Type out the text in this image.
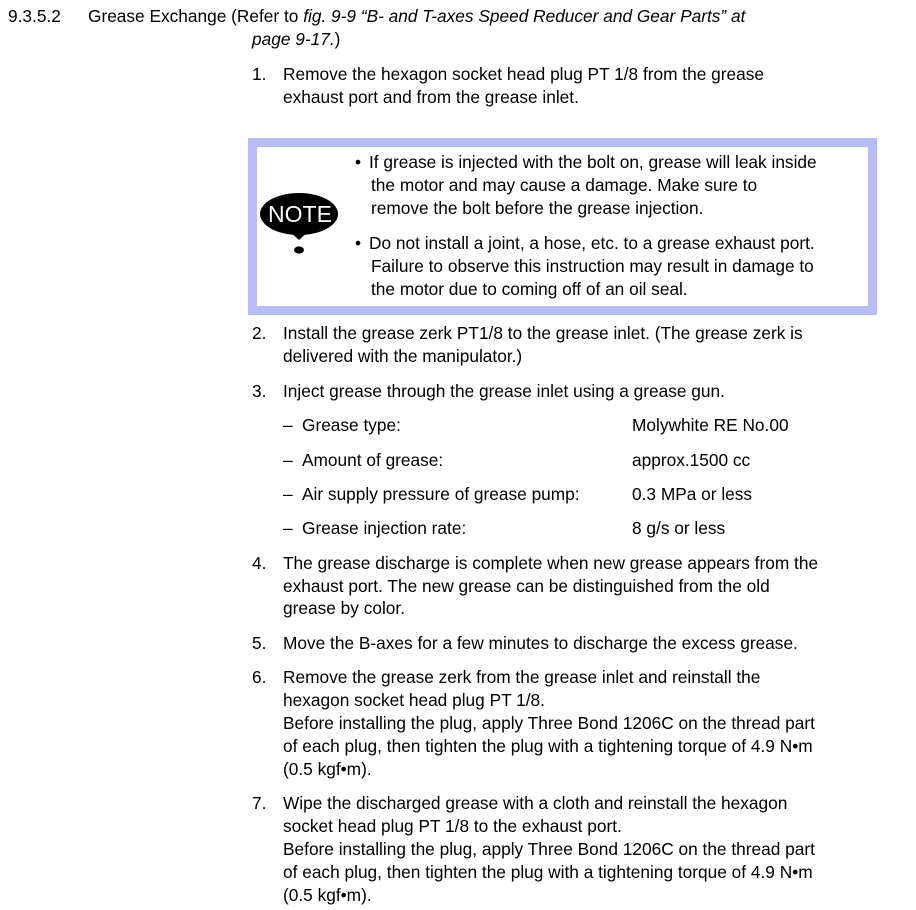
9.3.5.2 Grease Exchange (Refer to fig. 9-9 “B- and T-axes Speed Reducer and Gear Parts” at
page 9-17.)
1. Remove the hexagon socket head plug PT 1/8 from the grease
exhaust port and from the grease inlet.
NOTE
• If grease is injected with the bolt on, grease will leak inside
the motor and may cause a damage. Make sure to
remove the bolt before the grease injection.
• Do not install a joint, a hose, etc. to a grease exhaust port.
Failure to observe this instruction may result in damage to
the motor due to coming off of an oil seal.
2. Install the grease zerk PT1/8 to the grease inlet. (The grease zerk is
delivered with the manipulator.)
3. Inject grease through the grease inlet using a grease gun.
– Grease type:	Molywhite RE No.00
– Amount of grease:	approx.1500 cc
– Air supply pressure of grease pump:	0.3 MPa or less
– Grease injection rate:	8 g/s or less
4. The grease discharge is complete when new grease appears from the
exhaust port. The new grease can be distinguished from the old
grease by color.
5. Move the B-axes for a few minutes to discharge the excess grease.
6. Remove the grease zerk from the grease inlet and reinstall the
hexagon socket head plug PT 1/8.
Before installing the plug, apply Three Bond 1206C on the thread part
of each plug, then tighten the plug with a tightening torque of 4.9 N•m
(0.5 kgf•m).
7. Wipe the discharged grease with a cloth and reinstall the hexagon
socket head plug PT 1/8 to the exhaust port.
Before installing the plug, apply Three Bond 1206C on the thread part
of each plug, then tighten the plug with a tightening torque of 4.9 N•m
(0.5 kgf•m).
